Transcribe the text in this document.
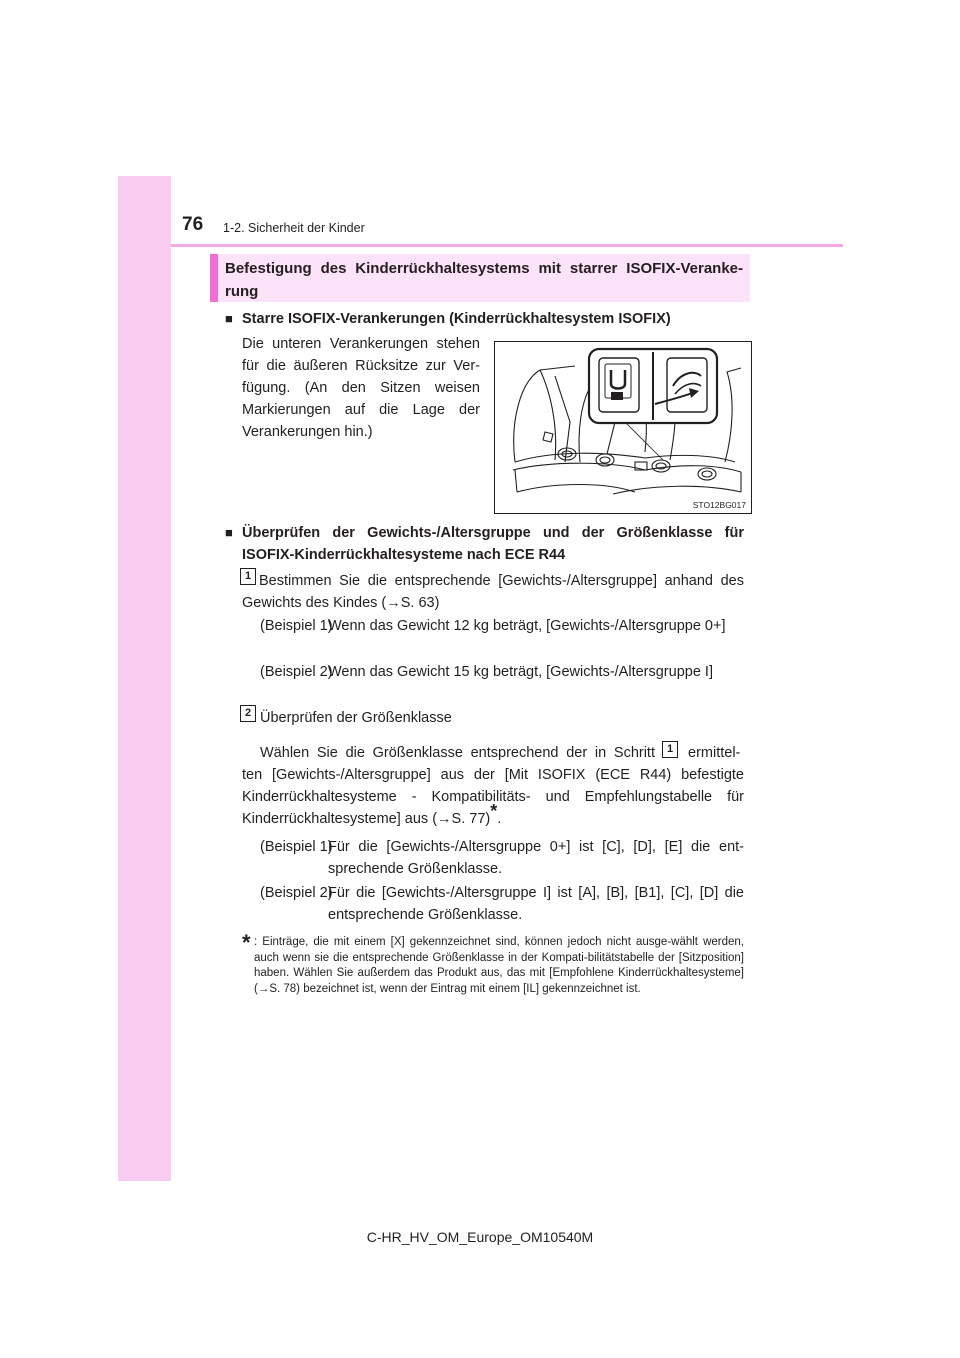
76 1-2. Sicherheit der Kinder
Befestigung des Kinderrückhaltesystems mit starrer ISOFIX-Veranke-rung
■ Starre ISOFIX-Verankerungen (Kinderrückhaltesystem ISOFIX)
Die unteren Verankerungen stehen für die äußeren Rücksitze zur Ver-fügung. (An den Sitzen weisen Markierungen auf die Lage der Verankerungen hin.)
STO12BG017
■ Überprüfen der Gewichts-/Altersgruppe und der Größenklasse für ISOFIX-Kinderrückhaltesysteme nach ECE R44
1 Bestimmen Sie die entsprechende [Gewichts-/Altersgruppe] anhand des Gewichts des Kindes (→S. 63)
(Beispiel 1)
Wenn das Gewicht 12 kg beträgt, [Gewichts-/Altersgruppe 0+]
(Beispiel 2)
Wenn das Gewicht 15 kg beträgt, [Gewichts-/Altersgruppe I]
2 Überprüfen der Größenklasse
Wählen Sie die Größenklasse entsprechend der in Schritt	1	ermittel-ten [Gewichts-/Altersgruppe] aus der [Mit ISOFIX (ECE R44) befestigte Kinderrückhaltesysteme - Kompatibilitäts- und Empfehlungstabelle für Kinderrückhaltesysteme] aus (→S. 77)*.
(Beispiel 1)
Für die [Gewichts-/Altersgruppe 0+] ist [C], [D], [E] die ent-sprechende Größenklasse.
(Beispiel 2)
Für die [Gewichts-/Altersgruppe I] ist [A], [B], [B1], [C], [D] die entsprechende Größenklasse.
* : Einträge, die mit einem [X] gekennzeichnet sind, können jedoch nicht ausge-wählt werden, auch wenn sie die entsprechende Größenklasse in der Kompati-bilitätstabelle der [Sitzposition] haben. Wählen Sie außerdem das Produkt aus, das mit [Empfohlene Kinderrückhaltesysteme] (→S. 78) bezeichnet ist, wenn der Eintrag mit einem [IL] gekennzeichnet ist.
C-HR_HV_OM_Europe_OM10540M
